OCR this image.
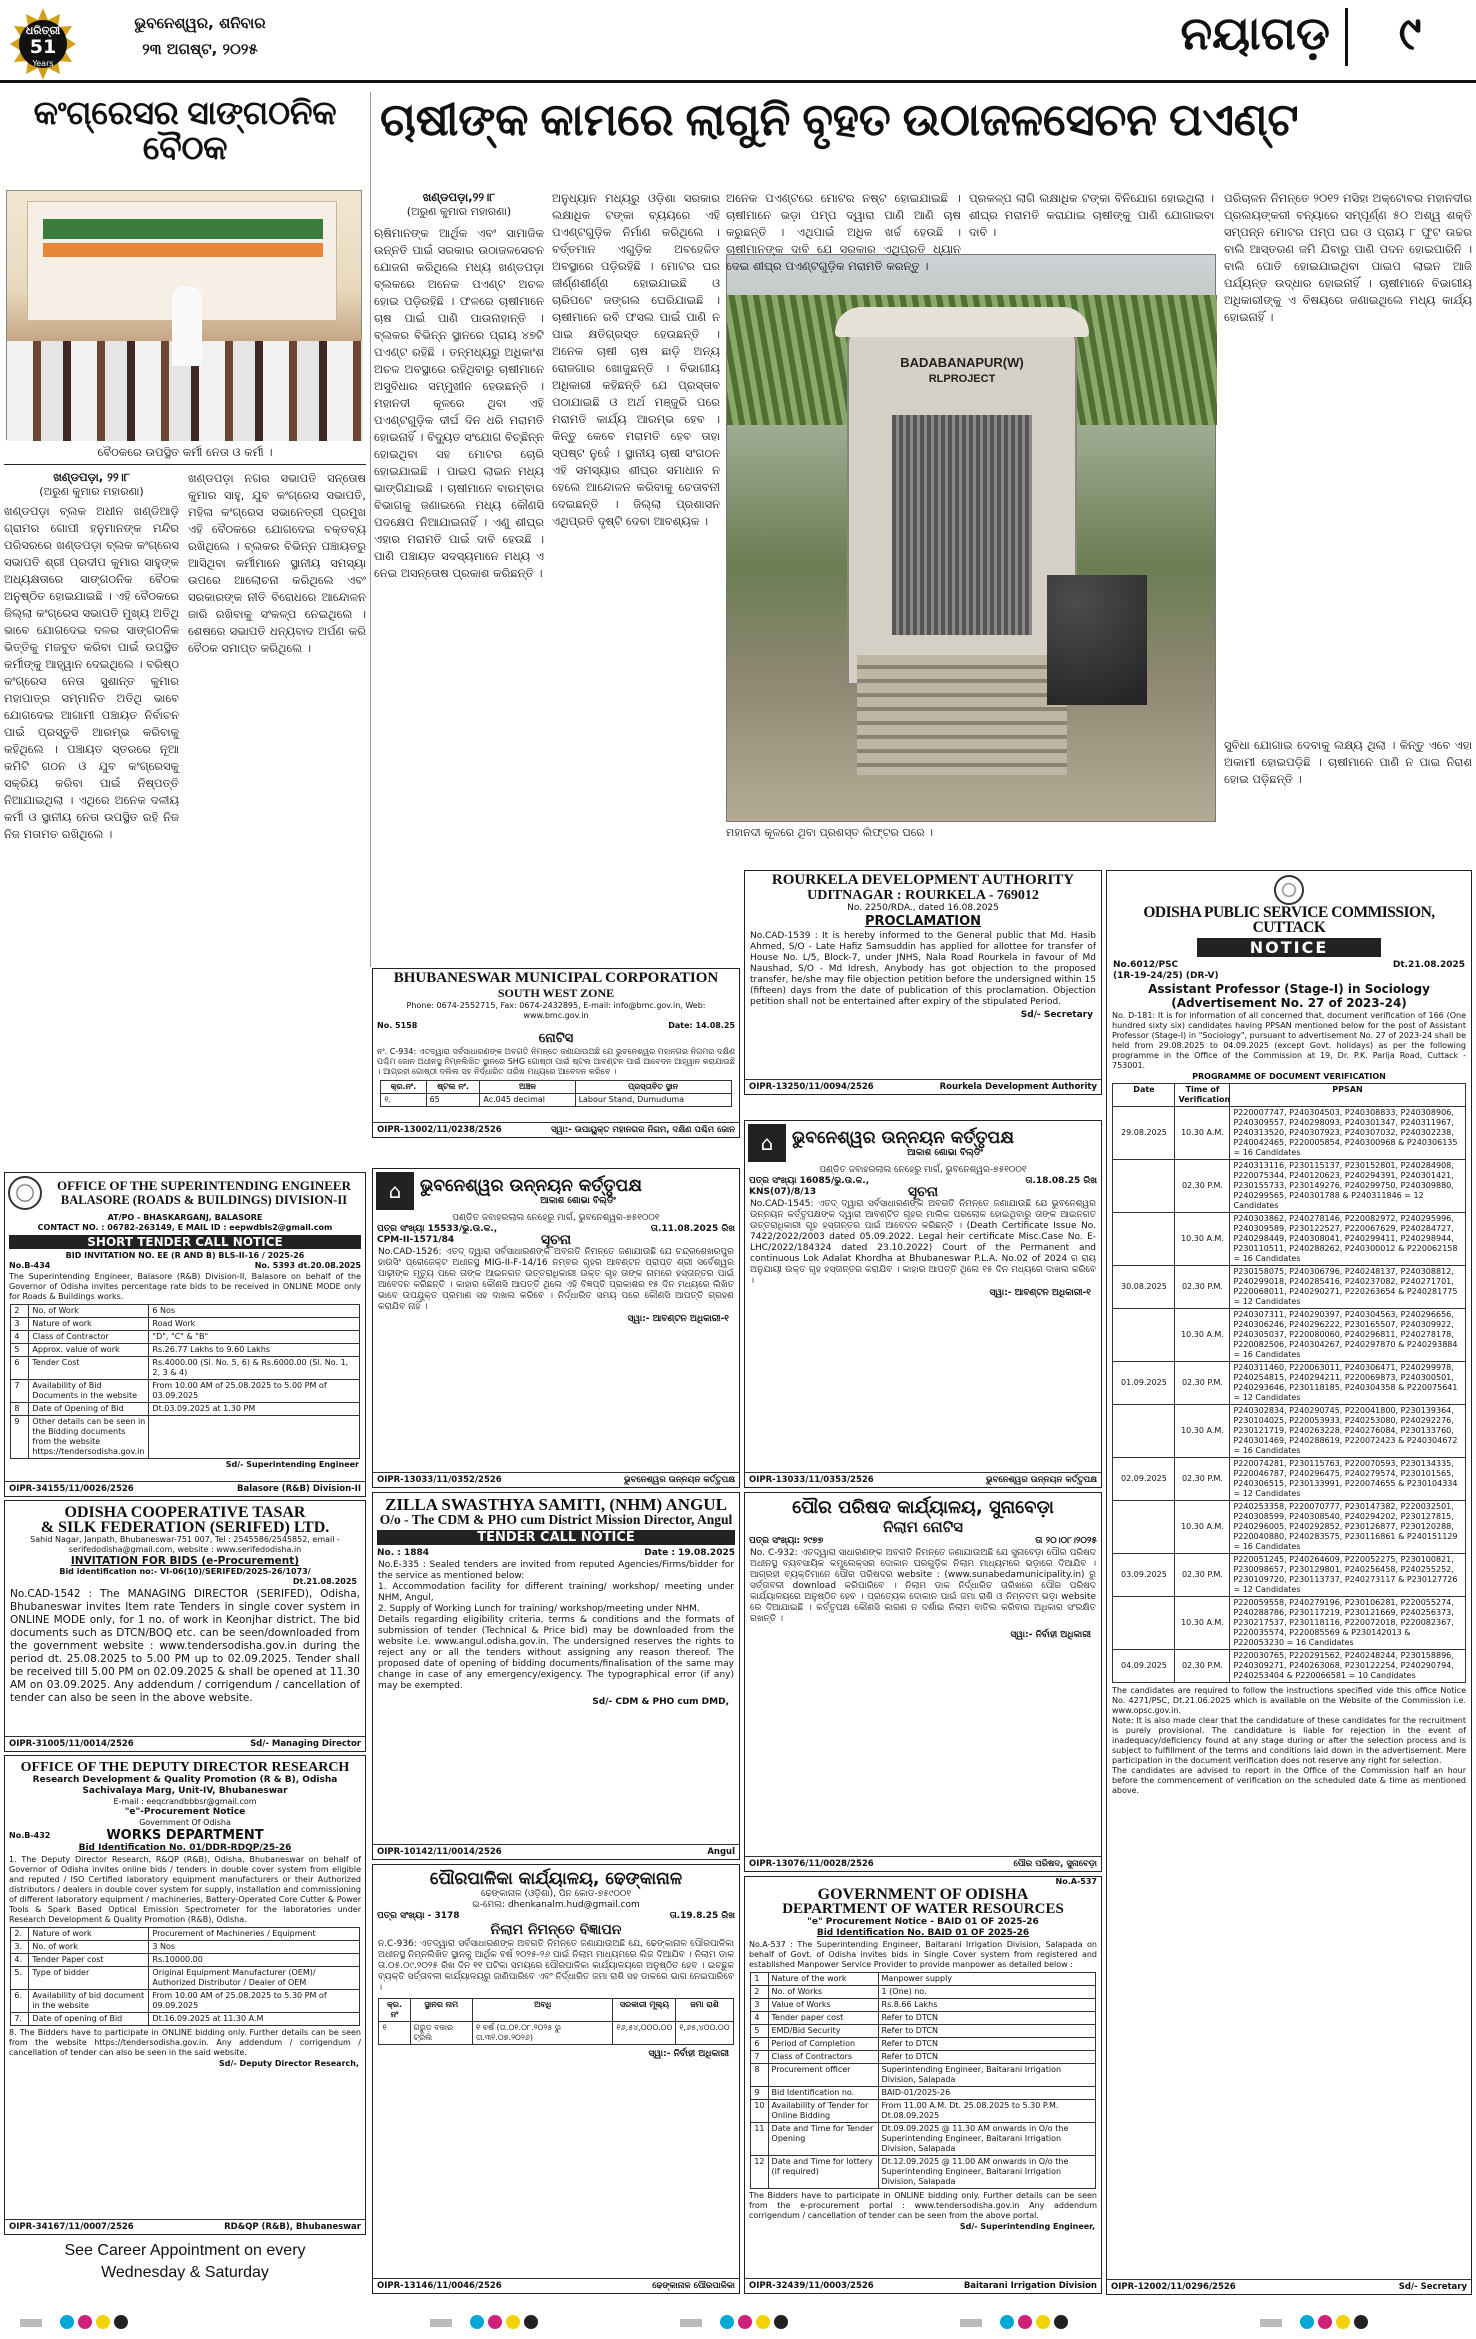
ଧରିତ୍ରୀ
51
Years
ଭୁବନେଶ୍ୱର, ଶନିବାର
୨୩ ଅଗଷ୍ଟ, ୨୦୨୫	ନୟାଗଡ଼	୯
କଂଗ୍ରେସର ସାଙ୍ଗଠନିକ ବୈଠକ
ବୈଠକରେ ଉପସ୍ଥିତ କର୍ମୀ ନେତା ଓ କର୍ମୀ ।
ଖଣ୍ଡପଡ଼ା, ୨୨।୮
(ଅରୁଣ କୁମାର ମହାରଣା)
ଖଣ୍ଡପଡ଼ା ବ୍ଲକ ଅଧୀନ ଖଣ୍ଡିଆଡ଼ି ଗ୍ରାମର ଗୋପୀ ହନୁମାନଙ୍କ ମନ୍ଦିର ପରିସରରେ ଖଣ୍ଡପଡ଼ା ବ୍ଲକ କଂଗ୍ରେସ ସଭାପତି ଶ୍ରୀ ପ୍ରଦୀପ କୁମାର ସାହୁଙ୍କ ଅଧ୍ୟକ୍ଷତାରେ ସାଙ୍ଗଠନିକ ବୈଠକ ଅନୁଷ୍ଠିତ ହୋଇଯାଇଛି । ଏହି ବୈଠକରେ ଜିଲ୍ଲା କଂଗ୍ରେସ ସଭାପତି ମୁଖ୍ୟ ଅତିଥି ଭାବେ ଯୋଗଦେଇ ଦଳର ସାଙ୍ଗଠନିକ ଭିତ୍ତିକୁ ମଜବୁତ କରିବା ପାଇଁ ଉପସ୍ଥିତ କର୍ମୀଙ୍କୁ ଆହ୍ୱାନ ଦେଇଥିଲେ । ବରିଷ୍ଠ କଂଗ୍ରେସ ନେତା ସୁଶାନ୍ତ କୁମାର ମହାପାତ୍ର ସମ୍ମାନିତ ଅତିଥି ଭାବେ ଯୋଗଦେଇ ଆଗାମୀ ପଞ୍ଚାୟତ ନିର୍ବାଚନ ପାଇଁ ପ୍ରସ୍ତୁତି ଆରମ୍ଭ କରିବାକୁ କହିଥିଲେ । ପଞ୍ଚାୟତ ସ୍ତରରେ ନୂଆ କମିଟି ଗଠନ ଓ ଯୁବ କଂଗ୍ରେସକୁ ସକ୍ରିୟ କରିବା ପାଇଁ ନିଷ୍ପତ୍ତି ନିଆଯାଇଥିଲା । ଏଥିରେ ଅନେକ ଦଳୀୟ କର୍ମୀ ଓ ସ୍ଥାନୀୟ ନେତା ଉପସ୍ଥିତ ରହି ନିଜ ନିଜ ମତାମତ ରଖିଥିଲେ ।
ଖଣ୍ଡପଡ଼ା ନଗର ସଭାପତି ସନ୍ତୋଷ କୁମାର ସାହୁ, ଯୁବ କଂଗ୍ରେସ ସଭାପତି, ମହିଳା କଂଗ୍ରେସ ସଭାନେତ୍ରୀ ପ୍ରମୁଖ ଏହି ବୈଠକରେ ଯୋଗଦେଇ ବକ୍ତବ୍ୟ ରଖିଥିଲେ । ବ୍ଲକର ବିଭିନ୍ନ ପଞ୍ଚାୟତରୁ ଆସିଥିବା କର୍ମୀମାନେ ସ୍ଥାନୀୟ ସମସ୍ୟା ଉପରେ ଆଲୋଚନା କରିଥିଲେ ଏବଂ ସରକାରଙ୍କ ନୀତି ବିରୋଧରେ ଆନ୍ଦୋଳନ ଜାରି ରଖିବାକୁ ସଂକଳ୍ପ ନେଇଥିଲେ । ଶେଷରେ ସଭାପତି ଧନ୍ୟବାଦ ଅର୍ପଣ କରି ବୈଠକ ସମାପ୍ତ କରିଥିଲେ ।
ଚାଷୀଙ୍କ କାମରେ ଲାଗୁନି ବୃହତ ଉଠାଜଳସେଚନ ପଏଣ୍ଟ
ଖଣ୍ଡପଡ଼ା,୨୨।୮
(ଅରୁଣ କୁମାର ମହାରଣା)
ଋଷିମାନଙ୍କ ଆର୍ଥିକ ଏବଂ ସାମାଜିକ ଉନ୍ନତି ପାଇଁ ସରକାର ଉଠାଜଳସେଚନ ଯୋଜନା କରିଥିଲେ ମଧ୍ୟ ଖଣ୍ଡପଡ଼ା ବ୍ଲକରେ ଅନେକ ପଏଣ୍ଟ ଅଚଳ ହୋଇ ପଡ଼ିରହିଛି । ଫଳରେ ଚାଷୀମାନେ ଚାଷ ପାଇଁ ପାଣି ପାଉନାହାନ୍ତି । ବ୍ଲକର ବିଭିନ୍ନ ସ୍ଥାନରେ ପ୍ରାୟ ୪୭ଟି ପଏଣ୍ଟ ରହିଛି । ତନ୍ମଧ୍ୟରୁ ଅଧିକାଂଶ ଅଚଳ ଅବସ୍ଥାରେ ରହିଥିବାରୁ ଚାଷୀମାନେ ଅସୁବିଧାର ସମ୍ମୁଖୀନ ହେଉଛନ୍ତି । ମହାନଦୀ କୂଳରେ ଥିବା ଏହି ପଏଣ୍ଟଗୁଡ଼ିକ ଦୀର୍ଘ ଦିନ ଧରି ମରାମତି ହୋଇନାହିଁ । ବିଦ୍ୟୁତ ସଂଯୋଗ ବିଚ୍ଛିନ୍ନ ହୋଇଥିବା ସହ ମୋଟର ଚୋରି ହୋଇଯାଇଛି । ପାଇପ ଲାଇନ ମଧ୍ୟ ଭାଙ୍ଗିଯାଇଛି । ଚାଷୀମାନେ ବାରମ୍ବାର ବିଭାଗକୁ ଜଣାଇଲେ ମଧ୍ୟ କୌଣସି ପଦକ୍ଷେପ ନିଆଯାଇନାହିଁ । ଏଣୁ ଶୀଘ୍ର ଏହାର ମରାମତି ପାଇଁ ଦାବି ହେଉଛି । ପାଣି ପଞ୍ଚାୟତ ସଦସ୍ୟମାନେ ମଧ୍ୟ ଏ ନେଇ ଅସନ୍ତୋଷ ପ୍ରକାଶ କରିଛନ୍ତି ।
ଅନୁଧ୍ୟାନ ମଧ୍ୟରୁ ଓଡ଼ିଶା ସରକାର ଲକ୍ଷାଧିକ ଟଙ୍କା ବ୍ୟୟରେ ଏହି ପଏଣ୍ଟଗୁଡ଼ିକ ନିର୍ମାଣ କରିଥିଲେ । ବର୍ତ୍ତମାନ ଏଗୁଡ଼ିକ ଅବହେଳିତ ଅବସ୍ଥାରେ ପଡ଼ିରହିଛି । ମୋଟର ଘର ଜୀର୍ଣ୍ଣଶୀର୍ଣ୍ଣ ହୋଇଯାଇଛି ଓ ଚାରିପଟେ ଜଙ୍ଗଲ ଘେରିଯାଇଛି । ଚାଷୀମାନେ ରବି ଫସଲ ପାଇଁ ପାଣି ନ ପାଇ କ୍ଷତିଗ୍ରସ୍ତ ହେଉଛନ୍ତି । ଅନେକ ଚାଷୀ ଚାଷ ଛାଡ଼ି ଅନ୍ୟ ରୋଜଗାର ଖୋଜୁଛନ୍ତି । ବିଭାଗୀୟ ଅଧିକାରୀ କହିଛନ୍ତି ଯେ ପ୍ରସ୍ତାବ ପଠାଯାଇଛି ଓ ଅର୍ଥ ମଞ୍ଜୁରି ପରେ ମରାମତି କାର୍ଯ୍ୟ ଆରମ୍ଭ ହେବ । କିନ୍ତୁ କେବେ ମରାମତି ହେବ ତାହା ସ୍ପଷ୍ଟ ନୁହେଁ । ସ୍ଥାନୀୟ ଚାଷୀ ସଂଗଠନ ଏହି ସମସ୍ୟାର ଶୀଘ୍ର ସମାଧାନ ନ ହେଲେ ଆନ୍ଦୋଳନ କରିବାକୁ ଚେତାବନୀ ଦେଇଛନ୍ତି । ଜିଲ୍ଲା ପ୍ରଶାସନ ଏଥିପ୍ରତି ଦୃଷ୍ଟି ଦେବା ଆବଶ୍ୟକ ।
BADABANAPUR(W)
RLPROJECT
ମହାନଦୀ କୂଳରେ ଥିବା ପ୍ରଶସ୍ତ ଲିଫ୍ଟର ଘରେ ।
ଅନେକ ପଏଣ୍ଟରେ ମୋଟର ନଷ୍ଟ ହୋଇଯାଇଛି । ଚାଷୀମାନେ ଭଡ଼ା ପମ୍ପ ଦ୍ୱାରା ପାଣି ଆଣି ଚାଷ କରୁଛନ୍ତି । ଏଥିପାଇଁ ଅଧିକ ଖର୍ଚ୍ଚ ହେଉଛି । ଚାଷୀମାନଙ୍କ ଦାବି ଯେ ସରକାର ଏଥିପ୍ରତି ଧ୍ୟାନ ଦେଇ ଶୀଘ୍ର ପଏଣ୍ଟଗୁଡ଼ିକ ମରାମତି କରନ୍ତୁ ।
ପ୍ରକଳ୍ପ ଲାଗି ଲକ୍ଷାଧିକ ଟଙ୍କା ବିନିଯୋଗ ହୋଇଥିଲା । ଶୀଘ୍ର ମରାମତି କରାଯାଇ ଚାଷୀଙ୍କୁ ପାଣି ଯୋଗାଇବା ଦାବି ।
ପରିଚାଳନ ନିମନ୍ତେ ୨୦୧୨ ମସିହା ଅକ୍ଟୋବର ମହାନଦୀର ପ୍ରଲୟଙ୍କରୀ ବନ୍ୟାରେ ସମ୍ପୂର୍ଣ୍ଣ ୫୦ ଅଶ୍ୱ ଶକ୍ତି ସମ୍ପନ୍ନ ମୋଟର ପମ୍ପ ଘର ଓ ପ୍ରାୟ ୮ ଫୁଟ ଉଚ୍ଚର ବାଲି ଆସ୍ତରଣ ଜମି ଯିବାରୁ ପାଣି ପଦନ ହୋଇପାରିନି । ବାଲି ପୋତି ହୋଇଯାଇଥିବା ପାଇପ ଲାଇନ ଆଜି ପର୍ଯ୍ୟନ୍ତ ଉଦ୍ଧାର ହୋଇନାହିଁ । ଚାଷୀମାନେ ବିଭାଗୀୟ ଅଧିକାରୀଙ୍କୁ ଏ ବିଷୟରେ ଜଣାଇଥିଲେ ମଧ୍ୟ କାର୍ଯ୍ୟ ହୋଇନାହିଁ ।
ସୁବିଧା ଯୋଗାଇ ଦେବାକୁ ଲକ୍ଷ୍ୟ ଥିଲା । କିନ୍ତୁ ଏବେ ଏହା ଅକାମୀ ହୋଇପଡ଼ିଛି । ଚାଷୀମାନେ ପାଣି ନ ପାଇ ନିରାଶ ହୋଇ ପଡ଼ିଛନ୍ତି ।
ROURKELA DEVELOPMENT AUTHORITY
UDITNAGAR : ROURKELA - 769012
No. 2250/RDA., dated 16.08.2025
PROCLAMATION
No.CAD-1539 : It is hereby informed to the General public that Md. Hasib Ahmed, S/O - Late Hafiz Samsuddin has applied for allottee for transfer of House No. L/5, Block-7, under JNHS, Nala Road Rourkela in favour of Md Naushad, S/O - Md Idresh, Anybody has got objection to the proposed transfer, he/she may file objection petition before the undersigned within 15 (fifteen) days from the date of publication of this proclamation. Objection petition shall not be entertained after expiry of the stipulated Period.
Sd/- Secretary
OIPR-13250/11/0094/2526	Rourkela Development Authority
BHUBANESWAR MUNICIPAL CORPORATION
SOUTH WEST ZONE
Phone: 0674-2552715, Fax: 0674-2432895, E-mail: info@bmc.gov.in, Web: www.bmc.gov.in
No. 5158	Date: 14.08.25
ନୋଟିସ
ନଂ. C-934: ଏତଦ୍ୱାରା ସର୍ବସାଧାରଣଙ୍କ ଅବଗତି ନିମନ୍ତେ ଜଣାଯାଉଅଛି ଯେ ଭୁବନେଶ୍ୱର ମହାନଗର ନିଗମର ଦକ୍ଷିଣ ପଶ୍ଚିମ ଜୋନ ଅଧୀନସ୍ଥ ନିମ୍ନଲିଖିତ ସ୍ଥାନରେ SHG ଗୋଷ୍ଠୀ ପାଇଁ ଷ୍ଟଲ ଆବଣ୍ଟନ ପାଇଁ ଆବେଦନ ଆହ୍ୱାନ କରାଯାଉଛି । ଆଗ୍ରହୀ ଗୋଷ୍ଠୀ ଦଲିଲ ସହ ନିର୍ଦ୍ଧାରିତ ତାରିଖ ମଧ୍ୟରେ ଆବେଦନ କରିବେ ।
କ୍ର.ନଂ.	ଷ୍ଟଲ ନଂ.	ଅଞ୍ଚଳ	ପ୍ରସ୍ତାବିତ ସ୍ଥାନ
୧.	65	Ac.045 decimal	Labour Stand, Dumuduma
OIPR-13002/11/0238/2526	ସ୍ୱା:- ଉପାୟୁକ୍ତ ମହାନଗର ନିଗମ, ଦକ୍ଷିଣ ପଶ୍ଚିମ ଜୋନ
OFFICE OF THE SUPERINTENDING ENGINEER
BALASORE (ROADS & BUILDINGS) DIVISION-II
AT/PO - BHASKARGANJ, BALASORE
CONTACT NO. : 06782-263149, E MAIL ID : eepwdbls2@gmail.com
SHORT TENDER CALL NOTICE
BID INVITATION NO. EE (R AND B) BLS-II-16 / 2025-26
No.B-434	No. 5393 dt.20.08.2025
The Superintending Engineer, Balasore (R&B) Division-II, Balasore on behalf of the Governor of Odisha invites percentage rate bids to be received in ONLINE MODE only for Roads & Buildings works.
2	No. of Work	6 Nos
3	Nature of work	Road Work
4	Class of Contractor	"D", "C" & "B"
5	Approx. value of work	Rs.26.77 Lakhs to 9.60 Lakhs
6	Tender Cost	Rs.4000.00 (Sl. No. 5, 6) & Rs.6000.00 (Sl. No. 1, 2, 3 & 4)
7	Availability of Bid Documents in the website	From 10.00 AM of 25.08.2025 to 5.00 PM of 03.09.2025
8	Date of Opening of Bid	Dt.03.09.2025 at 1.30 PM
9	Other details can be seen in the Bidding documents from the website https://tendersodisha.gov.in	
Sd/- Superintending Engineer
OIPR-34155/11/0026/2526	Balasore (R&B) Division-II
ODISHA COOPERATIVE TASAR
& SILK FEDERATION (SERIFED) LTD.
Sahid Nagar, Janpath, Bhubaneswar-751 007, Tel : 2545586/2545852, email - serifedodisha@gmail.com, website : www.serifedodisha.in
INVITATION FOR BIDS (e-Procurement)
Bid identification no:- VI-06(10)/SERIFED/2025-26/1073/
Dt.21.08.2025
No.CAD-1542 : The MANAGING DIRECTOR (SERIFED), Odisha, Bhubaneswar invites Item rate Tenders in single cover system in ONLINE MODE only, for 1 no. of work in Keonjhar district. The bid documents such as DTCN/BOQ etc. can be seen/downloaded from the government website : www.tendersodisha.gov.in during the period dt. 25.08.2025 to 5.00 PM up to 02.09.2025. Tender shall be received till 5.00 PM on 02.09.2025 & shall be opened at 11.30 AM on 03.09.2025. Any addendum / corrigendum / cancellation of tender can also be seen in the above website.
OIPR-31005/11/0014/2526	Sd/- Managing Director
OFFICE OF THE DEPUTY DIRECTOR RESEARCH
Research Development & Quality Promotion (R & B), Odisha
Sachivalaya Marg, Unit-IV, Bhubaneswar
E-mail : eeqcrandbbbsr@gmail.com
"e"-Procurement Notice
Government Of Odisha
No.B-432	WORKS DEPARTMENT
Bid Identification No. 01/DDR-RDQP/25-26
1. The Deputy Director Research, R&QP (R&B), Odisha, Bhubaneswar on behalf of Governor of Odisha invites online bids / tenders in double cover system from eligible and reputed / ISO Certified laboratory equipment manufacturers or their Authorized distributors / dealers in double cover system for supply, installation and commissioning of different laboratory equipment / machineries, Battery-Operated Core Cutter & Power Tools & Spark Based Optical Emission Spectrometer for the laboratories under Research Development & Quality Promotion (R&B), Odisha.
2.	Nature of work	Procurement of Machineries / Equipment
3.	No. of work	3 Nos
4.	Tender Paper cost	Rs.10000.00
5.	Type of bidder	Original Equipment Manufacturer (OEM)/ Authorized Distributor / Dealer of OEM
6.	Availability of bid document in the website	From 10.00 AM of 25.08.2025 to 5.30 PM of 09.09.2025
7.	Date of opening of Bid	Dt.16.09.2025 at 11.30 A.M
8. The Bidders have to participate in ONLINE bidding only. Further details can be seen from the website https://tendersodisha.gov.in. Any addendum / corrigendum / cancellation of tender can also be seen in the said website.
Sd/- Deputy Director Research,
OIPR-34167/11/0007/2526	RD&QP (R&B), Bhubaneswar
See Career Appointment on every
Wednesday & Saturday
⌂	ଭୁବନେଶ୍ୱର ଉନ୍ନୟନ କର୍ତ୍ତୃପକ୍ଷ
ଆକାଶ ଶୋଭା ବିଲ୍ଡିଂ
ପଣ୍ଡିତ ଜବାହରଲାଲ ନେହେରୁ ମାର୍ଗ, ଭୁବନେଶ୍ୱର-୭୫୧୦୦୧
ପତ୍ର ସଂଖ୍ୟା 15533/ଭୁ.ଉ.କ.,	ତା.11.08.2025 ରିଖ
CPM-II-1571/84	ସୂଚନା
No.CAD-1526: ଏତଦ୍ ଦ୍ୱାରା ସର୍ବସାଧାରଣଙ୍କ ଅବଗତି ନିମନ୍ତେ ଜଣାଯାଉଛି ଯେ ଚନ୍ଦ୍ରଶେଖରପୁର ହାଉସିଂ ପ୍ରୋଜେକ୍ଟ ଅଧୀନସ୍ଥ MIG-II-F-14/16 ନମ୍ବର ଗୃହର ଆବଣ୍ଟନ ପ୍ରାପ୍ତ ଶ୍ରୀ ସର୍ବେଶ୍ୱର ପାଢ଼ୀଙ୍କ ମୃତ୍ୟୁ ପରେ ତାଙ୍କ ଆଇନଗତ ଉତ୍ତରାଧିକାରୀ ଉକ୍ତ ଗୃହ ତାଙ୍କ ନାମରେ ହସ୍ତାନ୍ତର ପାଇଁ ଆବେଦନ କରିଛନ୍ତି । କାହାର କୌଣସି ଆପତ୍ତି ଥିଲେ ଏହି ବିଜ୍ଞପ୍ତି ପ୍ରକାଶର ୧୫ ଦିନ ମଧ୍ୟରେ ଲିଖିତ ଭାବେ ଉପଯୁକ୍ତ ପ୍ରମାଣ ସହ ଦାଖଲ କରିବେ । ନିର୍ଦ୍ଧାରିତ ସମୟ ପରେ କୌଣସି ଆପତ୍ତି ଗ୍ରହଣ କରାଯିବ ନାହିଁ ।
ସ୍ୱା:- ଆବଣ୍ଟନ ଅଧିକାରୀ-୧
OIPR-13033/11/0352/2526	ଭୁବନେଶ୍ୱର ଉନ୍ନୟନ କର୍ତ୍ତୃପକ୍ଷ
⌂	ଭୁବନେଶ୍ୱର ଉନ୍ନୟନ କର୍ତ୍ତୃପକ୍ଷ
ଆକାଶ ଶୋଭା ବିଲ୍ଡିଂ
ପଣ୍ଡିତ ଜବାହରଲାଲ ନେହେରୁ ମାର୍ଗ, ଭୁବନେଶ୍ୱର-୭୫୧୦୦୧
ପତ୍ର ସଂଖ୍ୟା 16085/ଭୁ.ଉ.କ.,	ତା.18.08.25 ରିଖ
KNS(07)/8/13	ସୂଚନା
No.CAD-1545: ଏତଦ୍ ଦ୍ୱାରା ସର୍ବସାଧାରଣଙ୍କ ଅବଗତି ନିମନ୍ତେ ଜଣାଯାଉଛି ଯେ ଭୁବନେଶ୍ୱର ଉନ୍ନୟନ କର୍ତ୍ତୃପକ୍ଷଙ୍କ ଦ୍ୱାରା ଆବଣ୍ଟିତ ଗୃହର ମାଲିକ ପରଲୋକ ହୋଇଥିବାରୁ ତାଙ୍କ ଆଇନଗତ ଉତ୍ତରାଧିକାରୀ ଗୃହ ହସ୍ତାନ୍ତର ପାଇଁ ଆବେଦନ କରିଛନ୍ତି । (Death Certificate Issue No. 7422/2022/2003 dated 05.09.2022. Legal heir certificate Misc.Case No. E-LHC/2022/184324 dated 23.10.2022) Court of the Permanent and continuous Lok Adalat Khordha at Bhubaneswar P.L.A. No.02 of 2024 ର ରାୟ ଅନୁଯାୟୀ ଉକ୍ତ ଗୃହ ହସ୍ତାନ୍ତର କରାଯିବ । କାହାର ଆପତ୍ତି ଥିଲେ ୧୫ ଦିନ ମଧ୍ୟରେ ଦାଖଲ କରିବେ ।
ସ୍ୱା:- ଆବଣ୍ଟନ ଅଧିକାରୀ-୧
OIPR-13033/11/0353/2526	ଭୁବନେଶ୍ୱର ଉନ୍ନୟନ କର୍ତ୍ତୃପକ୍ଷ
ZILLA SWASTHYA SAMITI, (NHM) ANGUL
O/o - The CDM & PHO cum District Mission Director, Angul
TENDER CALL NOTICE
No. : 1884	Date : 19.08.2025
No.E-335 : Sealed tenders are invited from reputed Agencies/Firms/bidder for the service as mentioned below:
1. Accommodation facility for different training/ workshop/ meeting under NHM, Angul,
2. Supply of Working Lunch for training/ workshop/meeting under NHM.
Details regarding eligibility criteria, terms & conditions and the formats of submission of tender (Technical & Price bid) may be downloaded from the website i.e. www.angul.odisha.gov.in. The undersigned reserves the rights to reject any or all the tenders without assigning any reason thereof. The proposed date of opening of bidding documents/finalisation of the same may change in case of any emergency/exigency. The typographical error (if any) may be exempted.
Sd/- CDM & PHO cum DMD,
OIPR-10142/11/0014/2526	Angul
ପୌରପାଳିକା କାର୍ଯ୍ୟାଳୟ, ଢେଙ୍କାନାଳ
ଢେଙ୍କାନାଳ (ଓଡ଼ିଶା), ପିନ କୋଡ-୭୫୯୦୦୧
ଇ-ମେଲ: dhenkanalm.hud@gmail.com
ପତ୍ର ସଂଖ୍ୟା - 3178	ତା.19.8.25 ରିଖ
ନିଲାମ ନିମନ୍ତେ ବିଜ୍ଞାପନ
ନ.C-936: ଏତଦ୍ୱାରା ସର୍ବସାଧାରଣଙ୍କ ଅବଗତି ନିମନ୍ତେ ଜଣାଯାଉଅଛି ଯେ, ଢେଙ୍କାନାଳ ପୌରପାଳିକା ଅଧୀନସ୍ଥ ନିମ୍ନଲିଖିତ ସ୍ଥାନକୁ ଆର୍ଥିକ ବର୍ଷ ୨୦୨୫-୨୬ ପାଇଁ ନିଲାମ ମାଧ୍ୟମରେ ଲିଜ ଦିଆଯିବ । ନିଲାମ ଡାକ ତା.୦୫.୦୯.୨୦୨୫ ରିଖ ଦିନ ୧୧ ଘଟିକା ସମୟରେ ପୌରପାଳିକା କାର୍ଯ୍ୟାଳୟରେ ଅନୁଷ୍ଠିତ ହେବ । ଇଚ୍ଛୁକ ବ୍ୟକ୍ତି ସର୍ତ୍ତାବଳୀ କାର୍ଯ୍ୟାଳୟରୁ ଜାଣିପାରିବେ ଏବଂ ନିର୍ଦ୍ଧାରିତ ଜମା ରାଶି ସହ ଡାକରେ ଭାଗ ନେଇପାରିବେ ।
କ୍ର. ନଂ	ସ୍ଥାନର ନାମ	ଅବଧି	ସରକାରୀ ମୂଲ୍ୟ	ଜମା ରାଶି
୧	ଗରୁଡ଼ ବଜାର ଟ୍ରିଲି	୧ ବର୍ଷ (ତା.୦୧.୦୮.୨୦୨୫ ରୁ ତା.୩୧.୦୭.୨୦୨୬)	୧୬,୫୪,୦୦୦.୦୦	୧,୬୫,୪୦୦.୦୦
ସ୍ୱା:- ନିର୍ବାହୀ ଅଧିକାରୀ
OIPR-13146/11/0046/2526	ଢେଙ୍କାନାଳ ପୌରପାଳିକା
ପୌର ପରିଷଦ କାର୍ଯ୍ୟାଳୟ, ସୁନାବେଡ଼ା
ନିଲାମ ନୋଟିସ
ପତ୍ର ସଂଖ୍ୟା: ୨୯୭୭	ତା ୨୦।୦୮।୨୦୨୫
No. C-932: ଏତଦ୍ୱାରା ସାଧାରଣଙ୍କ ଅବଗତି ନିମନ୍ତେ ଜଣାଯାଉଅଛି ଯେ ସୁନାବେଡ଼ା ପୌର ପରିଷଦ ଅଧୀନସ୍ଥ ବ୍ୟବସାୟିକ କମ୍ପ୍ଲେକ୍ସର ଦୋକାନ ଘରଗୁଡ଼ିକ ନିଲାମ ମାଧ୍ୟମରେ ଭଡ଼ାରେ ଦିଆଯିବ । ଆଗ୍ରହୀ ବ୍ୟକ୍ତିମାନେ ପୌର ପରିଷଦର website : (www.sunabedamunicipality.in) ରୁ ସର୍ତ୍ତାବଳୀ download କରିପାରିବେ । ନିଲାମ ଡାକ ନିର୍ଦ୍ଧାରିତ ତାରିଖରେ ପୌର ପରିଷଦ କାର୍ଯ୍ୟାଳୟରେ ଅନୁଷ୍ଠିତ ହେବ । ପ୍ରତ୍ୟେକ ଦୋକାନ ପାଇଁ ଜମା ରାଶି ଓ ନିମ୍ନତମ ଭଡ଼ା website ରେ ଦିଆଯାଇଛି । କର୍ତ୍ତୃପକ୍ଷ କୌଣସି କାରଣ ନ ଦର୍ଶାଇ ନିଲାମ ବାତିଲ କରିବାର ଅଧିକାର ସଂରକ୍ଷିତ ରଖନ୍ତି ।
ସ୍ୱା:- ନିର୍ବାହୀ ଅଧିକାରୀ
OIPR-13076/11/0028/2526	ପୌର ପରିଷଦ, ସୁନାବେଡ଼ା
No.A-537
GOVERNMENT OF ODISHA
DEPARTMENT OF WATER RESOURCES
"e" Procurement Notice - BAID 01 OF 2025-26
Bid Identification No. BAID 01 OF 2025-26
No.A-537 : The Superintending Engineer, Baitarani Irrigation Division, Salapada on behalf of Govt. of Odisha invites bids in Single Cover system from registered and established Manpower Service Provider to provide manpower as detailed below :
1	Nature of the work	Manpower supply
2	No. of Works	1 (One) no.
3	Value of Works	Rs.8.66 Lakhs
4	Tender paper cost	Refer to DTCN
5	EMD/Bid Security	Refer to DTCN
6	Period of Completion	Refer to DTCN
7	Class of Contractors	Refer to DTCN
8	Procurement officer	Superintending Engineer, Baitarani Irrigation Division, Salapada
9	Bid Identification no.	BAID-01/2025-26
10	Availability of Tender for Online Bidding	From 11.00 A.M. Dt. 25.08.2025 to 5.30 P.M. Dt.08.09.2025
11	Date and Time for Tender Opening	Dt.09.09.2025 @ 11.30 AM onwards in O/o the Superintending Engineer, Baitarani Irrigation Division, Salapada
12	Date and Time for lottery (if required)	Dt.12.09.2025 @ 11.00 AM onwards in O/o the Superintending Engineer, Baitarani Irrigation Division, Salapada
The Bidders have to participate in ONLINE bidding only. Further details can be seen from the e-procurement portal : www.tendersodisha.gov.in Any addendum corrigendum / cancellation of tender can be seen from the above portal.
Sd/- Superintending Engineer,
OIPR-32439/11/0003/2526	Baitarani Irrigation Division
ODISHA PUBLIC SERVICE COMMISSION, CUTTACK
NOTICE
No.6012/PSC	Dt.21.08.2025
(1R-19-24/25) (DR-V)
Assistant Professor (Stage-I) in Sociology
(Advertisement No. 27 of 2023-24)
No. D-181: It is for information of all concerned that, document verification of 166 (One hundred sixty six) candidates having PPSAN mentioned below for the post of Assistant Professor (Stage-I) in "Sociology", pursuant to advertisement No. 27 of 2023-24 shall be held from 29.08.2025 to 04.09.2025 (except Govt. holidays) as per the following programme in the Office of the Commission at 19, Dr. P.K. Parija Road, Cuttack - 753001.
PROGRAMME OF DOCUMENT VERIFICATION
Date	Time of Verification	PPSAN
29.08.2025	10.30 A.M.	P220007747, P240304503, P240308833, P240308906, P240309557, P240298093, P240301347, P240311967, P240313520, P240307923, P240307032, P240302238, P240042465, P220005854, P240300968 & P240306135 = 16 Candidates
	02.30 P.M.	P240313116, P230115137, P230152801, P240284908, P220075344, P240120623, P240294391, P240301421, P230155733, P230149276, P240299750, P240309880, P240299565, P240301788 & P240311846 = 12 Candidates
	10.30 A.M.	P240303862, P240278146, P220082972, P240295996, P240309589, P230122527, P220067629, P240284727, P240298449, P240308041, P240299411, P240298944, P230110511, P240288262, P240300012 & P220062158 = 16 Candidates
30.08.2025	02.30 P.M.	P230158075, P240306796, P240248137, P240308812, P240299018, P240285416, P240237082, P240271701, P220068011, P240290271, P220263654 & P240281775 = 12 Candidates
	10.30 A.M.	P240307311, P240290397, P240304563, P240296656, P240306246, P240296222, P230165507, P240309922, P240305037, P220080060, P240296811, P240278178, P220082506, P240304267, P240297870 & P240293884 = 16 Candidates
01.09.2025	02.30 P.M.	P240311460, P220063011, P240306471, P240299978, P240254815, P240294211, P220069873, P240300501, P240293646, P230118185, P240304358 & P220075641 = 12 Candidates
	10.30 A.M.	P240302834, P240290745, P220041800, P230139364, P230104025, P220053933, P240253080, P240292276, P230121719, P240263228, P240276084, P230133760, P240301469, P240288619, P220072423 & P240304672 = 16 Candidates
02.09.2025	02.30 P.M.	P220074281, P230115763, P220070593, P230134335, P220046787, P240296475, P240279574, P230101565, P240306515, P230133991, P220074655 & P230104334 = 12 Candidates
	10.30 A.M.	P240253358, P220070777, P230147382, P220032501, P240308599, P240308540, P240294202, P230127815, P240296005, P240292852, P230126877, P230120288, P220040880, P240283575, P230116861 & P240151129 = 16 Candidates
03.09.2025	02.30 P.M.	P220051245, P240264609, P220052275, P230100821, P230098657, P230129801, P240256458, P240255252, P230109720, P230113737, P240273117 & P230127726 = 12 Candidates
	10.30 A.M.	P220059558, P240279196, P230106281, P220055274, P240288786, P230117219, P230121669, P240256373, P230217537, P230118116, P220072018, P220082367, P220035574, P220085569 & P230142013 & P220053230 = 16 Candidates
04.09.2025	02.30 P.M.	P220030765, P220291562, P240248244, P230158896, P240309271, P240263068, P230122254, P240290794, P240253404 & P220066581 = 10 Candidates
The candidates are required to follow the instructions specified vide this office Notice No. 4271/PSC, Dt.21.06.2025 which is available on the Website of the Commission i.e. www.opsc.gov.in.
Note: It is also made clear that the candidature of these candidates for the recruitment is purely provisional. The candidature is liable for rejection in the event of inadequacy/deficiency found at any stage during or after the selection process and is subject to fulfillment of the terms and conditions laid down in the advertisement. Mere participation in the document verification does not reserve any right for selection.
The candidates are advised to report in the Office of the Commission half an hour before the commencement of verification on the scheduled date & time as mentioned above.
OIPR-12002/11/0296/2526	Sd/- Secretary
